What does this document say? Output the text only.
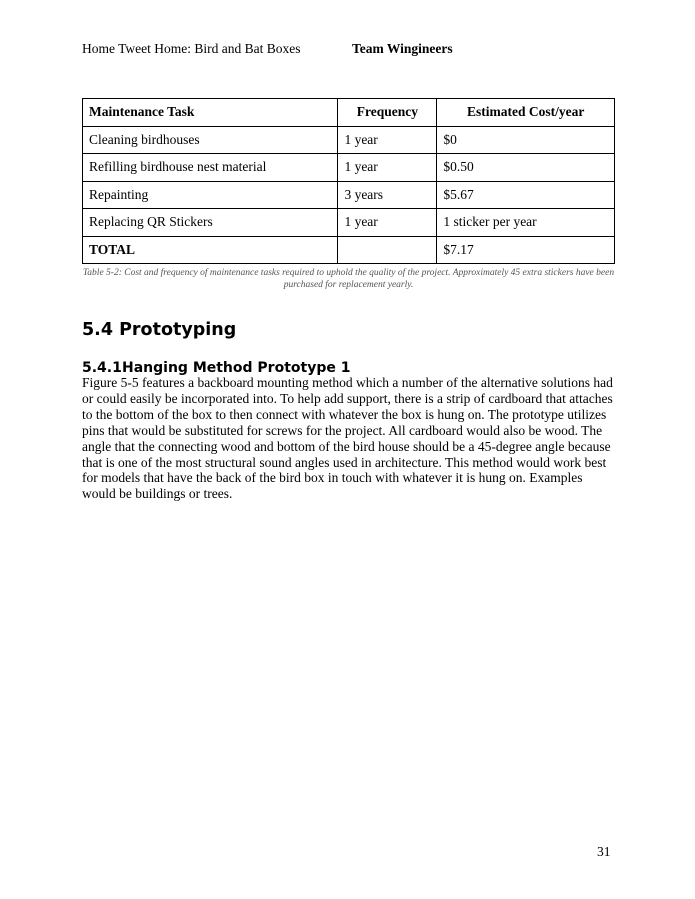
Home Tweet Home: Bird and Bat Boxes	Team Wingineers
Maintenance Task	Frequency	Estimated Cost/year
Cleaning birdhouses	1 year	$0
Refilling birdhouse nest material	1 year	$0.50
Repainting	3 years	$5.67
Replacing QR Stickers	1 year	1 sticker per year
TOTAL		$7.17
Table 5-2: Cost and frequency of maintenance tasks required to uphold the quality of the project. Approximately 45 extra stickers have been purchased for replacement yearly.
5.4 Prototyping
5.4.1Hanging Method Prototype 1
Figure 5-5 features a backboard mounting method which a number of the alternative solutions had or could easily be incorporated into. To help add support, there is a strip of cardboard that attaches to the bottom of the box to then connect with whatever the box is hung on. The prototype utilizes pins that would be substituted for screws for the project. All cardboard would also be wood. The angle that the connecting wood and bottom of the bird house should be a 45-degree angle because that is one of the most structural sound angles used in architecture. This method would work best for models that have the back of the bird box in touch with whatever it is hung on. Examples would be buildings or trees.
31
